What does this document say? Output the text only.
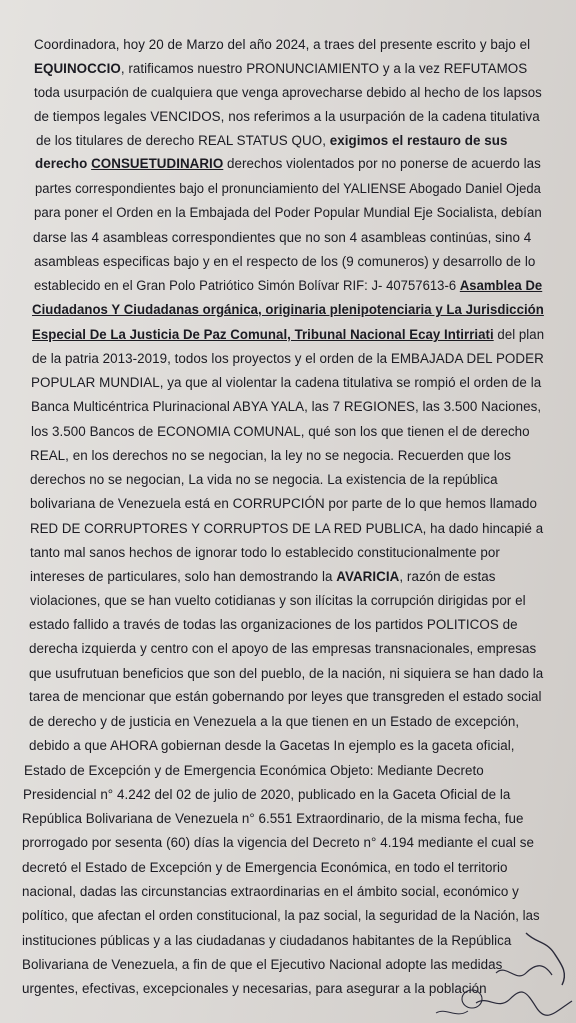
Coordinadora, hoy 20 de Marzo del año 2024, a traes del presente escrito y bajo el
EQUINOCCIO, ratificamos nuestro PRONUNCIAMIENTO y a la vez REFUTAMOS
toda usurpación de cualquiera que venga aprovecharse debido al hecho de los lapsos
de tiempos legales VENCIDOS, nos referimos a la usurpación de la cadena titulativa
de los titulares de derecho REAL STATUS QUO, exigimos el restauro de sus
derecho CONSUETUDINARIO derechos violentados por no ponerse de acuerdo las
partes correspondientes bajo el pronunciamiento del YALIENSE Abogado Daniel Ojeda
para poner el Orden en la Embajada del Poder Popular Mundial Eje Socialista, debían
darse las 4 asambleas correspondientes que no son 4 asambleas continúas, sino 4
asambleas especificas bajo y en el respecto de los (9 comuneros) y desarrollo de lo
establecido en el Gran Polo Patriótico Simón Bolívar RIF: J- 40757613-6 Asamblea De
Ciudadanos Y Ciudadanas orgánica, originaria plenipotenciaria y La Jurisdicción
Especial De La Justicia De Paz Comunal, Tribunal Nacional Ecay Intirriati del plan
de la patria 2013-2019, todos los proyectos y el orden de la EMBAJADA DEL PODER
POPULAR MUNDIAL, ya que al violentar la cadena titulativa se rompió el orden de la
Banca Multicéntrica Plurinacional ABYA YALA, las 7 REGIONES, las 3.500 Naciones,
los 3.500 Bancos de ECONOMIA COMUNAL, qué son los que tienen el de derecho
REAL, en los derechos no se negocian, la ley no se negocia. Recuerden que los
derechos no se negocian, La vida no se negocia. La existencia de la república
bolivariana de Venezuela está en CORRUPCIÓN por parte de lo que hemos llamado
RED DE CORRUPTORES Y CORRUPTOS DE LA RED PUBLICA, ha dado hincapié a
tanto mal sanos hechos de ignorar todo lo establecido constitucionalmente por
intereses de particulares, solo han demostrando la AVARICIA, razón de estas
violaciones, que se han vuelto cotidianas y son ilícitas la corrupción dirigidas por el
estado fallido a través de todas las organizaciones de los partidos POLITICOS de
derecha izquierda y centro con el apoyo de las empresas transnacionales, empresas
que usufrutuan beneficios que son del pueblo, de la nación, ni siquiera se han dado la
tarea de mencionar que están gobernando por leyes que transgreden el estado social
de derecho y de justicia en Venezuela a la que tienen en un Estado de excepción,
debido a que AHORA gobiernan desde la Gacetas In ejemplo es la gaceta oficial,
Estado de Excepción y de Emergencia Económica Objeto: Mediante Decreto
Presidencial n° 4.242 del 02 de julio de 2020, publicado en la Gaceta Oficial de la
República Bolivariana de Venezuela n° 6.551 Extraordinario, de la misma fecha, fue
prorrogado por sesenta (60) días la vigencia del Decreto n° 4.194 mediante el cual se
decretó el Estado de Excepción y de Emergencia Económica, en todo el territorio
nacional, dadas las circunstancias extraordinarias en el ámbito social, económico y
político, que afectan el orden constitucional, la paz social, la seguridad de la Nación, las
instituciones públicas y a las ciudadanas y ciudadanos habitantes de la República
Bolivariana de Venezuela, a fin de que el Ejecutivo Nacional adopte las medidas
urgentes, efectivas, excepcionales y necesarias, para asegurar a la población
